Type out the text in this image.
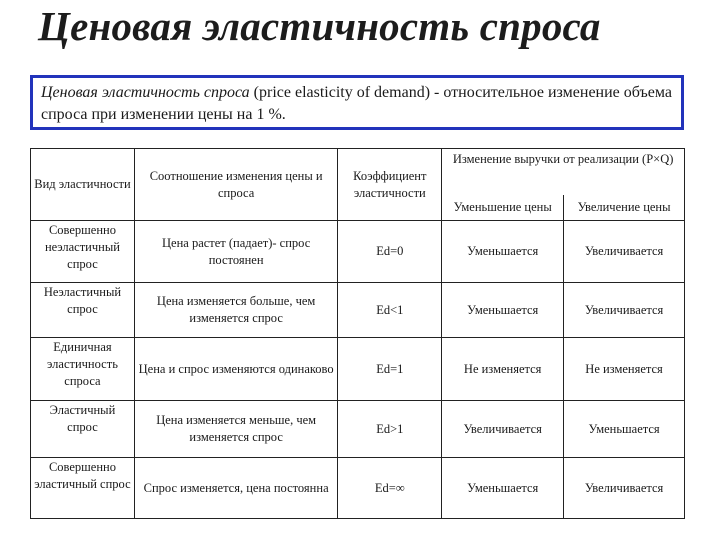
Ценовая эластичность спроса
Ценовая эластичность спроса (price elasticity of demand) - относительное изменение объема спроса при изменении цены на 1 %.
Вид эластичности	Соотношение изменения цены и спроса	Коэффициент эластичности	Изменение выручки от реализации (P×Q)	
			Уменьшение цены	Увеличение цены
Совершенно неэластичный спрос	Цена растет (падает)- спрос постоянен	Ed=0	Уменьшается	Увеличивается
Неэластичный спрос	Цена изменяется больше, чем изменяется спрос	Ed<1	Уменьшается	Увеличивается
Единичная эластичность спроса	Цена и спрос изменяются одинаково	Ed=1	Не изменяется	Не изменяется
Эластичный спрос	Цена изменяется меньше, чем изменяется спрос	Ed>1	Увеличивается	Уменьшается
Совершенно эластичный спрос	Спрос изменяется, цена постоянна	Ed=∞	Уменьшается	Увеличивается
